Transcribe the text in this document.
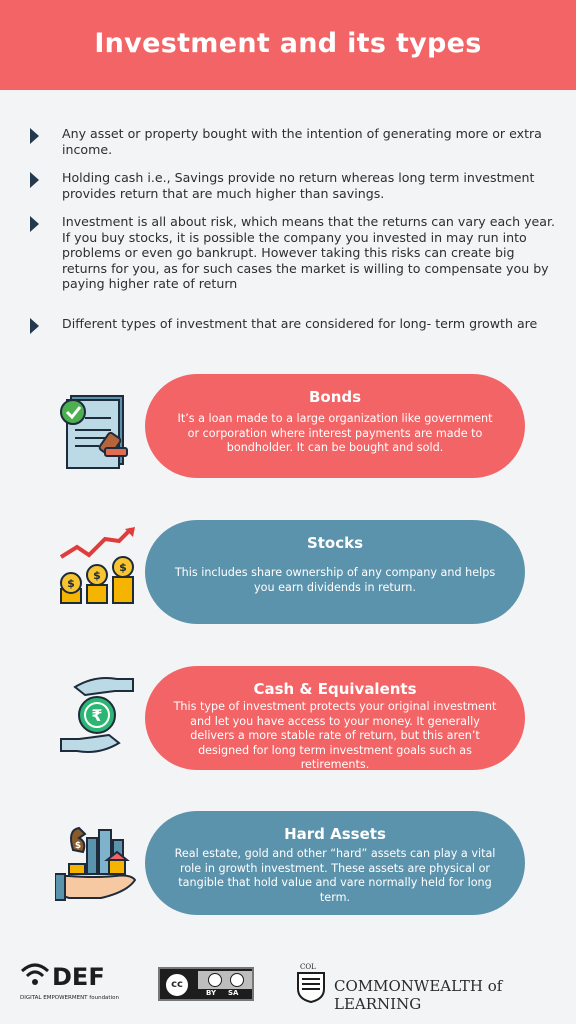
Investment and its types
Any asset or property bought with the intention of generating more or extra income.
Holding cash i.e., Savings provide no return whereas long term investment provides return that are much higher than savings.
Investment is all about risk, which means that the returns can vary each year. If you buy stocks, it is possible the company you invested in may run into problems or even go bankrupt. However taking this risks can create big returns for you, as for such cases the market is willing to compensate you by paying higher rate of return
Different types of investment that are considered for long- term growth are
Bonds
It’s a loan made to a large organization like government or corporation where interest payments are made to bondholder. It can be bought and sold.
$
$
$
Stocks
This includes share ownership of any company and helps you earn dividends in return.
₹
Cash & Equivalents
This type of investment protects your original investment and let you have access to your money. It generally delivers a more stable rate of return, but this aren’t designed for long term investment goals such as retirements.
$
Hard Assets
Real estate, gold and other “hard” assets can play a vital role in growth investment. These assets are physical or tangible that hold value and vare normally held for long term.
DEF
DIGITAL EMPOWERMENT foundation
cc
BY SA
COL
COMMONWEALTH of LEARNING
